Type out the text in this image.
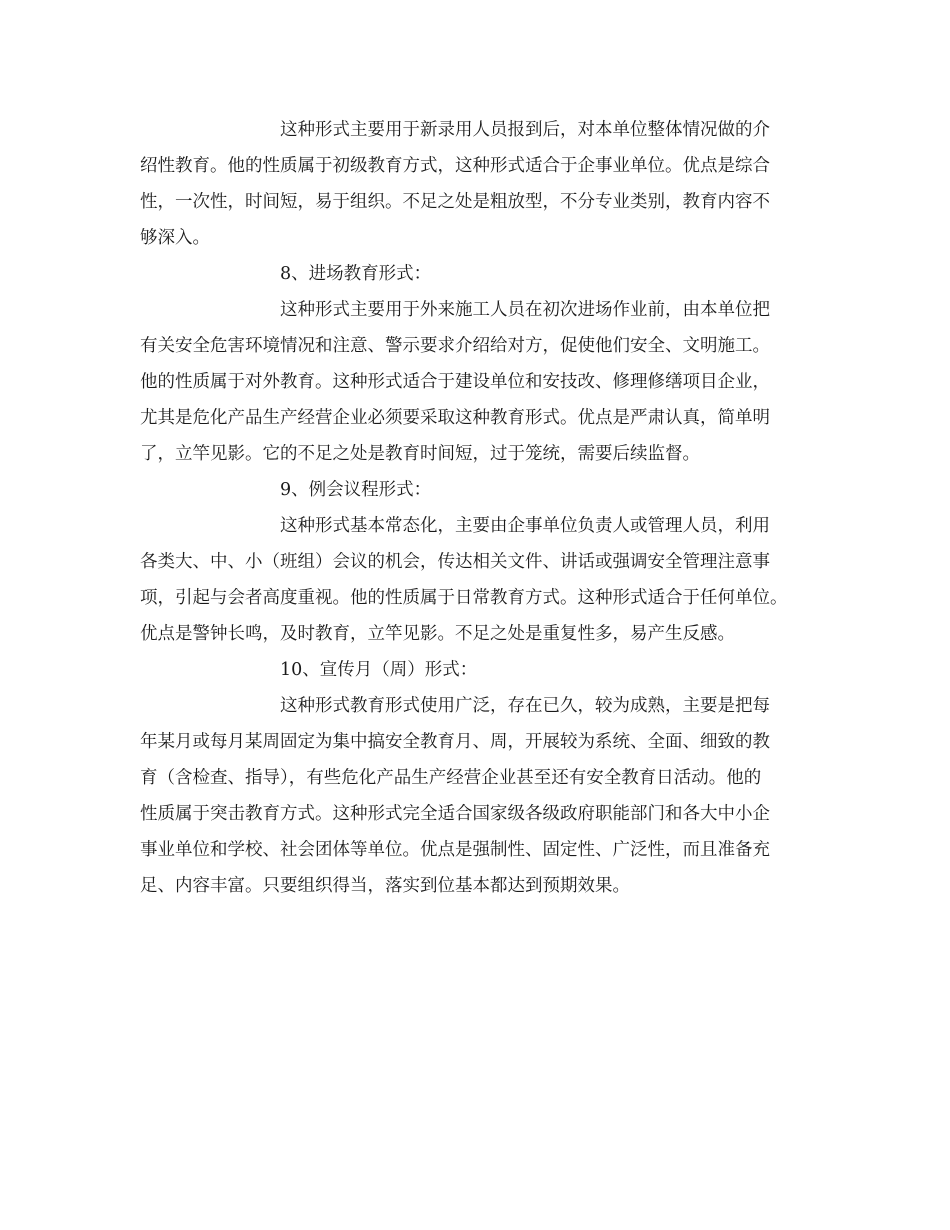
这种形式主要用于新录用人员报到后，对本单位整体情况做的介
绍性教育。他的性质属于初级教育方式，这种形式适合于企事业单位。优点是综合
性，一次性，时间短，易于组织。不足之处是粗放型，不分专业类别，教育内容不
够深入。
8、进场教育形式：
这种形式主要用于外来施工人员在初次进场作业前，由本单位把
有关安全危害环境情况和注意、警示要求介绍给对方，促使他们安全、文明施工。
他的性质属于对外教育。这种形式适合于建设单位和安技改、修理修缮项目企业，
尤其是危化产品生产经营企业必须要采取这种教育形式。优点是严肃认真，简单明
了，立竿见影。它的不足之处是教育时间短，过于笼统，需要后续监督。
9、例会议程形式：
这种形式基本常态化，主要由企事单位负责人或管理人员，利用
各类大、中、小（班组）会议的机会，传达相关文件、讲话或强调安全管理注意事
项，引起与会者高度重视。他的性质属于日常教育方式。这种形式适合于任何单位。
优点是警钟长鸣，及时教育，立竿见影。不足之处是重复性多，易产生反感。
10、宣传月（周）形式：
这种形式教育形式使用广泛，存在已久，较为成熟，主要是把每
年某月或每月某周固定为集中搞安全教育月、周，开展较为系统、全面、细致的教
育（含检查、指导），有些危化产品生产经营企业甚至还有安全教育日活动。他的
性质属于突击教育方式。这种形式完全适合国家级各级政府职能部门和各大中小企
事业单位和学校、社会团体等单位。优点是强制性、固定性、广泛性，而且准备充
足、内容丰富。只要组织得当，落实到位基本都达到预期效果。
